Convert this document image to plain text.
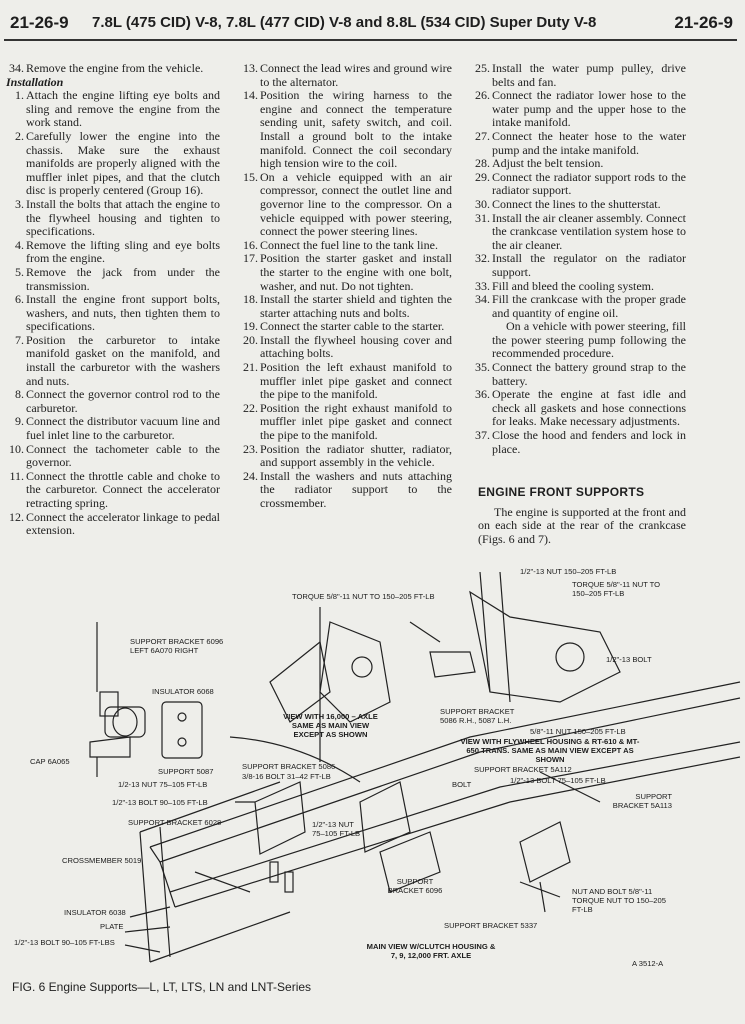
21-26-9 7.8L (475 CID) V-8, 7.8L (477 CID) V-8 and 8.8L (534 CID) Super Duty V-8	21-26-9

34. Remove the engine from the vehicle.

Installation

1. Attach the engine lifting eye bolts and sling and remove the engine from the work stand.

2. Carefully lower the engine into the chassis. Make sure the exhaust manifolds are properly aligned with the muffler inlet pipes, and that the clutch disc is properly centered (Group 16).

3. Install the bolts that attach the engine to the flywheel housing and tighten to specifications.

4. Remove the lifting sling and eye bolts from the engine.

5. Remove the jack from under the transmission.

6. Install the engine front support bolts, washers, and nuts, then tighten them to specifications.

7. Position the carburetor to intake manifold gasket on the manifold, and install the carburetor with the washers and nuts.

8. Connect the governor control rod to the carburetor.

9. Connect the distributor vacuum line and fuel inlet line to the carburetor.

10. Connect the tachometer cable to the governor.

11. Connect the throttle cable and choke to the carburetor. Connect the accelerator retracting spring.

12. Connect the accelerator linkage to pedal extension.

13. Connect the lead wires and ground wire to the alternator.

14. Position the wiring harness to the engine and connect the temperature sending unit, safety switch, and coil. Install a ground bolt to the intake manifold. Connect the coil secondary high tension wire to the coil.

15. On a vehicle equipped with an air compressor, connect the outlet line and governor line to the compressor. On a vehicle equipped with power steering, connect the power steering lines.

16. Connect the fuel line to the tank line.

17. Position the starter gasket and install the starter to the engine with one bolt, washer, and nut. Do not tighten.

18. Install the starter shield and tighten the starter attaching nuts and bolts.

19. Connect the starter cable to the starter.

20. Install the flywheel housing cover and attaching bolts.

21. Position the left exhaust manifold to muffler inlet pipe gasket and connect the pipe to the manifold.

22. Position the right exhaust manifold to muffler inlet pipe gasket and connect the pipe to the manifold.

23. Position the radiator shutter, radiator, and support assembly in the vehicle.

24. Install the washers and nuts attaching the radiator support to the crossmember.

25. Install the water pump pulley, drive belts and fan.

26. Connect the radiator lower hose to the water pump and the upper hose to the intake manifold.

27. Connect the heater hose to the water pump and the intake manifold.

28. Adjust the belt tension.

29. Connect the radiator support rods to the radiator support.

30. Connect the lines to the shutterstat.

31. Install the air cleaner assembly. Connect the crankcase ventilation system hose to the air cleaner.

32. Install the regulator on the radiator support.

33. Fill and bleed the cooling system.

34. Fill the crankcase with the proper grade and quantity of engine oil.

On a vehicle with power steering, fill the power steering pump following the recommended procedure.

35. Connect the battery ground strap to the battery.

36. Operate the engine at fast idle and check all gaskets and hose connections for leaks. Make necessary adjustments.

37. Close the hood and fenders and lock in place.

ENGINE FRONT SUPPORTS

The engine is supported at the front and on each side at the rear of the crankcase (Figs. 6 and 7).

TORQUE 5/8"-11 NUT TO 150–205 FT-LB
1/2"-13 NUT 150–205 FT-LB
TORQUE 5/8"-11 NUT TO 150–205 FT-LB
SUPPORT BRACKET 6096 LEFT 6A070 RIGHT
1/2"-13 BOLT
INSULATOR 6068
VIEW WITH 16,000 – AXLE SAME AS MAIN VIEW EXCEPT AS SHOWN
SUPPORT BRACKET 5086 R.H., 5087 L.H.
CAP 6A065
SUPPORT 5087
1/2-13 NUT 75–105 FT-LB
5/8"-11 NUT 150–205 FT-LB
VIEW WITH FLYWHEEL HOUSING & RT-610 & MT-650 TRANS. SAME AS MAIN VIEW EXCEPT AS SHOWN
SUPPORT BRACKET 5086
3/8-16 BOLT 31–42 FT-LB
SUPPORT BRACKET 5A112
1/2"-13 BOLT 75–105 FT-LB
BOLT
1/2"-13 BOLT 90–105 FT-LB
SUPPORT BRACKET 5A113
SUPPORT BRACKET 6028	1/2"-13 NUT 75–105 FT-LB
CROSSMEMBER 5019
SUPPORT BRACKET 6096	NUT AND BOLT 5/8"-11 TORQUE NUT TO 150–205 FT-LB
INSULATOR 6038
PLATE	SUPPORT BRACKET 5337
1/2"-13 BOLT 90–105 FT-LBS	MAIN VIEW W/CLUTCH HOUSING & 7, 9, 12,000 FRT. AXLE
A 3512-A
FIG. 6 Engine Supports—L, LT, LTS, LN and LNT-Series
